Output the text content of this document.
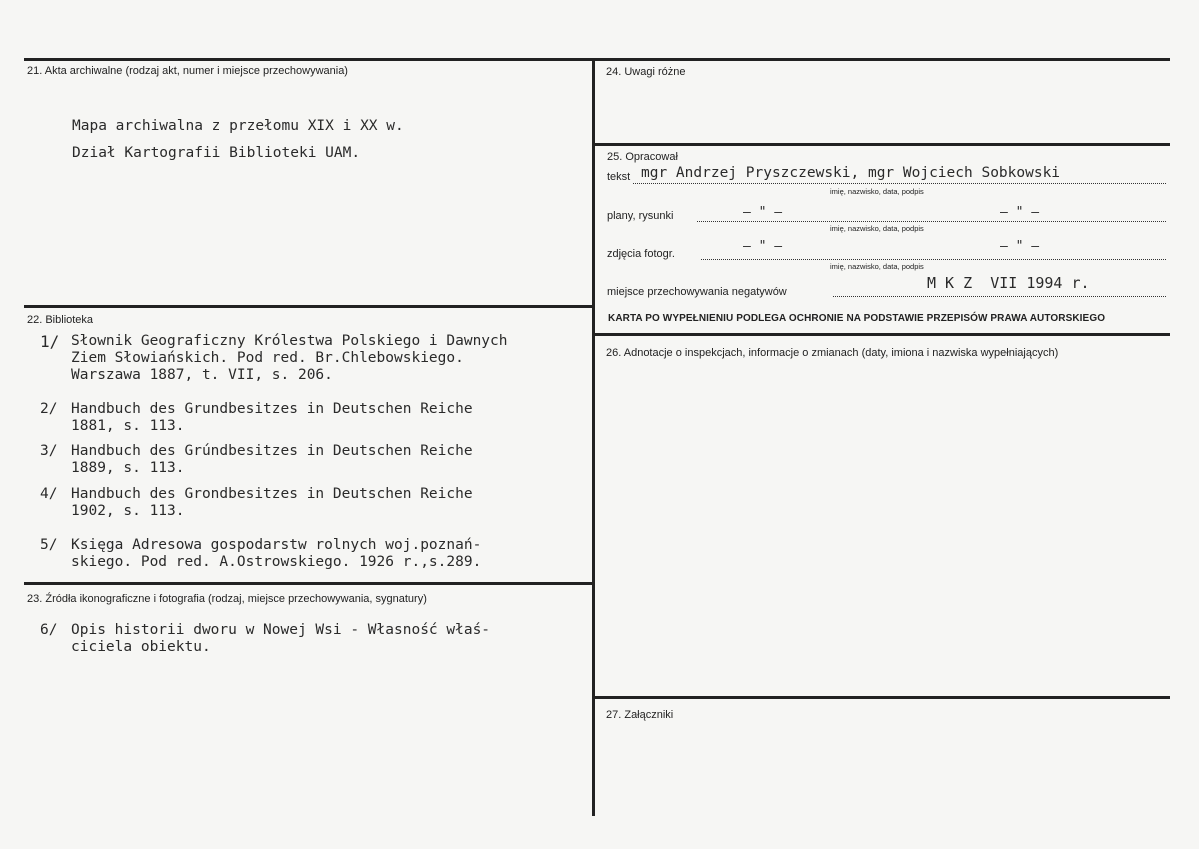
21. Akta archiwalne (rodzaj akt, numer i miejsce przechowywania)
Mapa archiwalna z przełomu XIX i XX w.
Dział Kartografii Biblioteki UAM.
22. Biblioteka
1/ Słownik Geograficzny Królestwa Polskiego i Dawnych
Ziem Słowiańskich. Pod red. Br.Chlebowskiego.
Warszawa 1887, t. VII, s. 206.
2/ Handbuch des Grundbesitzes in Deutschen Reiche
1881, s. 113.
3/ Handbuch des Grúndbesitzes in Deutschen Reiche
1889, s. 113.
4/ Handbuch des Grondbesitzes in Deutschen Reiche
1902, s. 113.
5/ Księga Adresowa gospodarstw rolnych woj.poznań-
skiego. Pod red. A.Ostrowskiego. 1926 r.,s.289.
23. Źródła ikonograficzne i fotografia (rodzaj, miejsce przechowywania, sygnatury)
6/ Opis historii dworu w Nowej Wsi - Własność właś-
ciciela obiektu.
24. Uwagi różne
25. Opracował
tekst mgr Andrzej Pryszczewski, mgr Wojciech Sobkowski
imię, nazwisko, data, podpis
plany, rysunki	– " –	– " –
imię, nazwisko, data, podpis
zdjęcia fotogr.	– " –	– " –
imię, nazwisko, data, podpis
miejsce przechowywania negatywów	M K Z  VII 1994 r.
KARTA PO WYPEŁNIENIU PODLEGA OCHRONIE NA PODSTAWIE PRZEPISÓW PRAWA AUTORSKIEGO
26. Adnotacje o inspekcjach, informacje o zmianach (daty, imiona i nazwiska wypełniających)
27. Załączniki
